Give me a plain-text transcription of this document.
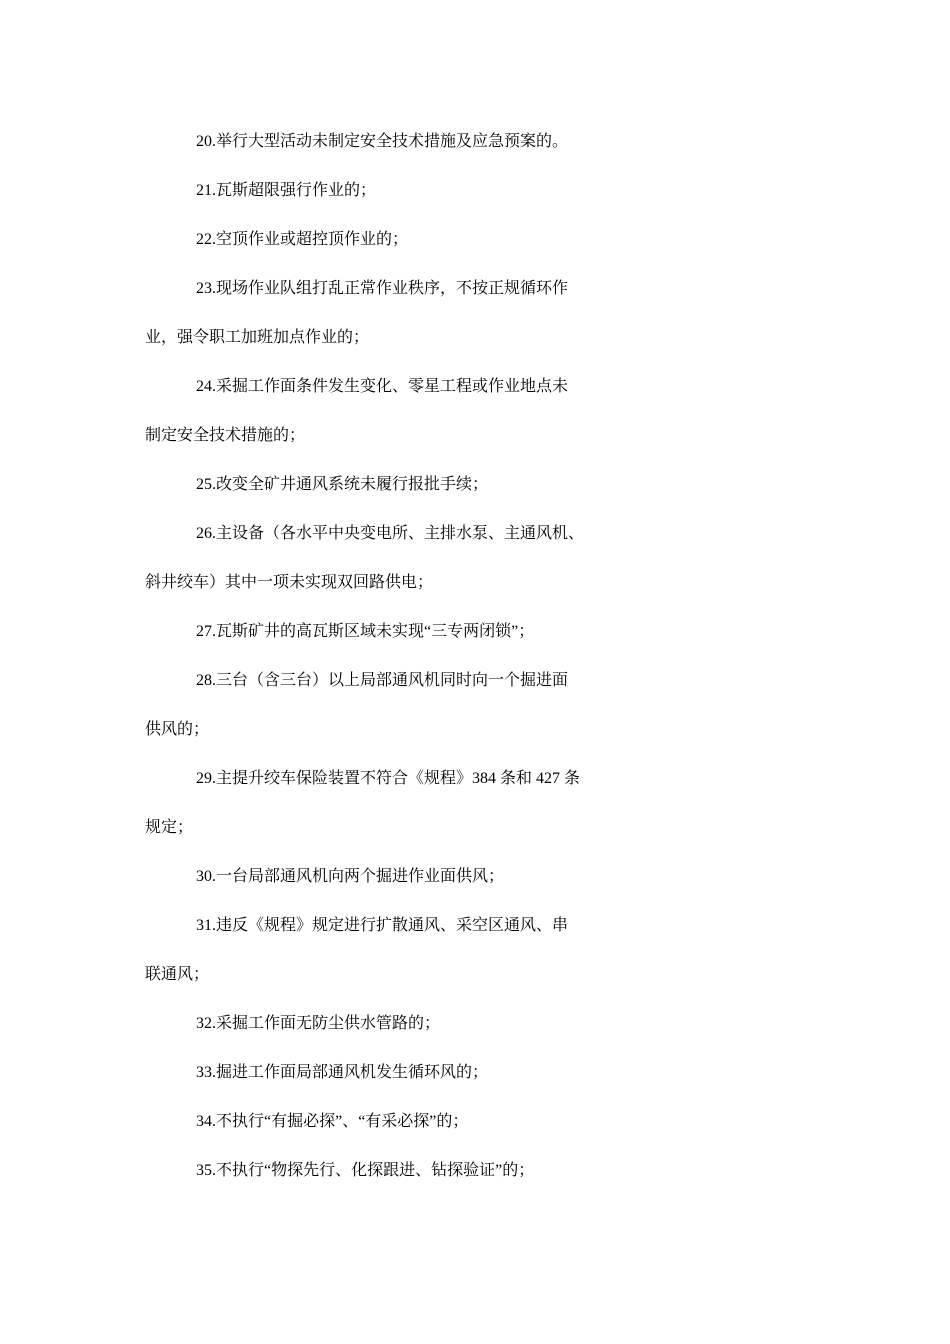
20.举行大型活动未制定安全技术措施及应急预案的。
21.瓦斯超限强行作业的；
22.空顶作业或超控顶作业的；
23.现场作业队组打乱正常作业秩序，不按正规循环作
业，强令职工加班加点作业的；
24.采掘工作面条件发生变化、零星工程或作业地点未
制定安全技术措施的；
25.改变全矿井通风系统未履行报批手续；
26.主设备（各水平中央变电所、主排水泵、主通风机、
斜井绞车）其中一项未实现双回路供电；
27.瓦斯矿井的高瓦斯区域未实现“三专两闭锁”；
28.三台（含三台）以上局部通风机同时向一个掘进面
供风的；
29.主提升绞车保险装置不符合《规程》384 条和 427 条
规定；
30.一台局部通风机向两个掘进作业面供风；
31.违反《规程》规定进行扩散通风、采空区通风、串
联通风；
32.采掘工作面无防尘供水管路的；
33.掘进工作面局部通风机发生循环风的；
34.不执行“有掘必探”、“有采必探”的；
35.不执行“物探先行、化探跟进、钻探验证”的；
